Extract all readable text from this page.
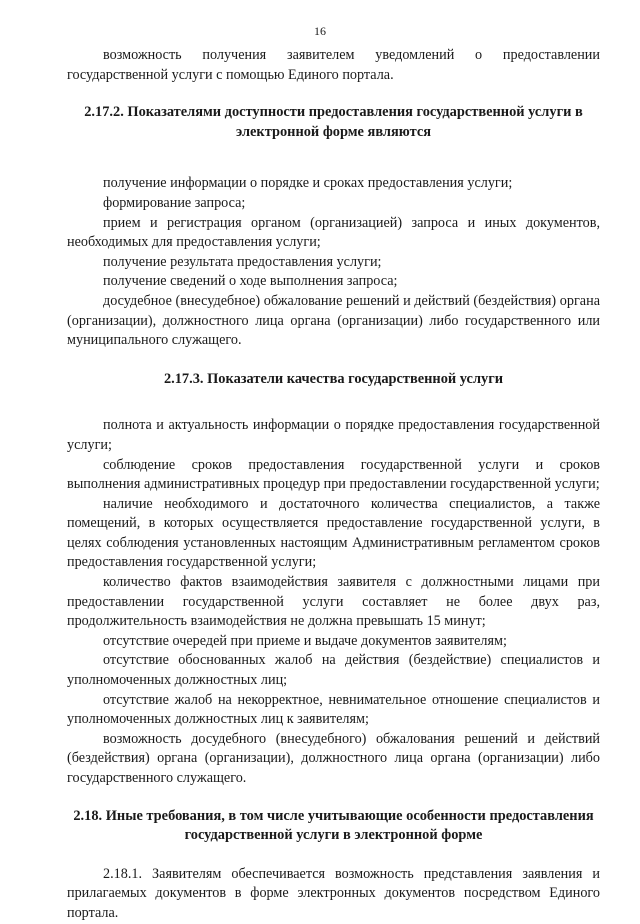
16

возможность получения заявителем уведомлений о предоставлении государственной услуги с помощью Единого портала.

2.17.2. Показателями доступности предоставления государственной услуги в электронной форме являются

получение информации о порядке и сроках предоставления услуги;

формирование запроса;

прием и регистрация органом (организацией) запроса и иных документов, необходимых для предоставления услуги;

получение результата предоставления услуги;

получение сведений о ходе выполнения запроса;

досудебное (внесудебное) обжалование решений и действий (бездействия) органа (организации), должностного лица органа (организации) либо государственного или муниципального служащего.

2.17.3. Показатели качества государственной услуги

полнота и актуальность информации о порядке предоставления государственной услуги;

соблюдение сроков предоставления государственной услуги и сроков выполнения административных процедур при предоставлении государственной услуги;

наличие необходимого и достаточного количества специалистов, а также помещений, в которых осуществляется предоставление государственной услуги, в целях соблюдения установленных настоящим Административным регламентом сроков предоставления государственной услуги;

количество фактов взаимодействия заявителя с должностными лицами при предоставлении государственной услуги составляет не более двух раз, продолжительность взаимодействия не должна превышать 15 минут;

отсутствие очередей при приеме и выдаче документов заявителям;

отсутствие обоснованных жалоб на действия (бездействие) специалистов и уполномоченных должностных лиц;

отсутствие жалоб на некорректное, невнимательное отношение специалистов и уполномоченных должностных лиц к заявителям;

возможность досудебного (внесудебного) обжалования решений и действий (бездействия) органа (организации), должностного лица органа (организации) либо государственного служащего.

2.18. Иные требования, в том числе учитывающие особенности предоставления государственной услуги в электронной форме

2.18.1. Заявителям обеспечивается возможность представления заявления и прилагаемых документов в форме электронных документов посредством Единого портала.
